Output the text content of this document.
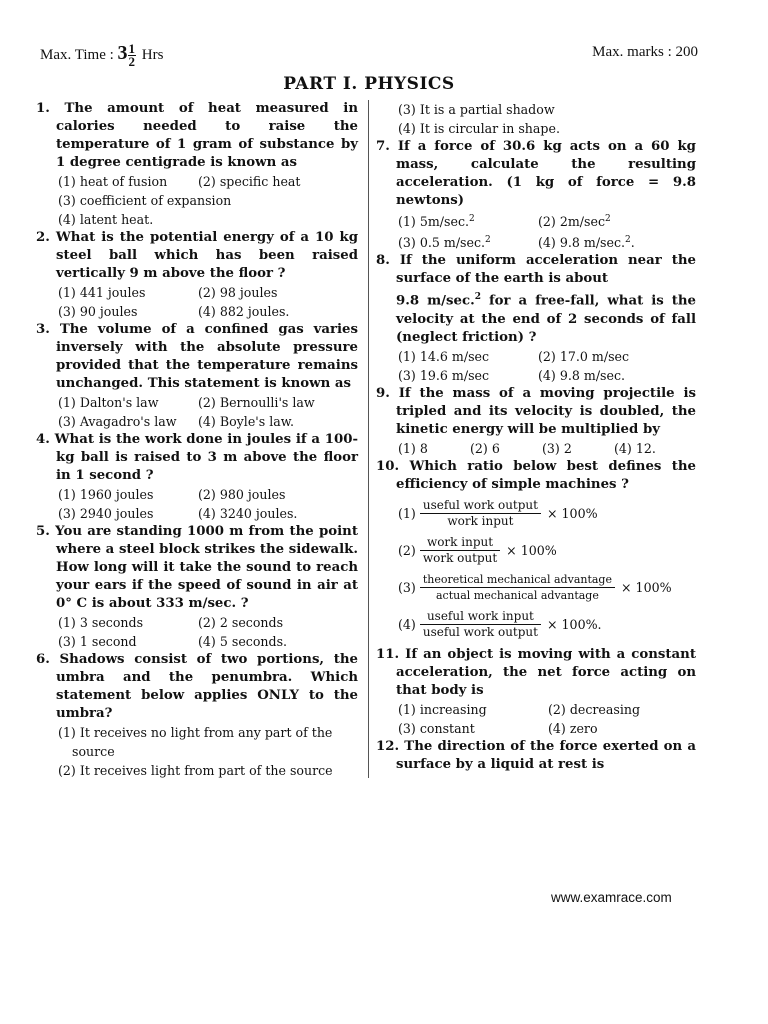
Max. Time : $3 \frac{1}{2}$ Hrs	Max. marks : 200
PART I. PHYSICS
1. The amount of heat measured in calories needed to raise the temperature of 1 gram of substance by 1 degree centigrade is known as
(1) heat of fusion	(2) specific heat
(3) coefficient of expansion
(4) latent heat.
2. What is the potential energy of a 10 kg steel ball which has been raised vertically 9 m above the floor ?
(1) 441 joules	(2) 98 joules
(3) 90 joules	(4) 882 joules.
3. The volume of a confined gas varies inversely with the absolute pressure provided that the temperature remains unchanged. This statement is known as
(1) Dalton's law	(2) Bernoulli's law
(3) Avagadro's law	(4) Boyle's law.
4. What is the work done in joules if a 100-kg ball is raised to 3 m above the floor in 1 second ?
(1) 1960 joules	(2) 980 joules
(3) 2940 joules	(4) 3240 joules.
5. You are standing 1000 m from the point where a steel block strikes the sidewalk. How long will it take the sound to reach your ears if the speed of sound in air at 0° C is about 333 m/sec. ?
(1) 3 seconds	(2) 2 seconds
(3) 1 second	(4) 5 seconds.
6. Shadows consist of two portions, the umbra and the penumbra. Which statement below applies ONLY to the umbra?
(1) It receives no light from any part of the source
(2) It receives light from part of the source
(3) It is a partial shadow
(4) It is circular in shape.
7. If a force of 30.6 kg acts on a 60 kg mass, calculate the resulting acceleration. (1 kg of force = 9.8 newtons)
(1) 5m/sec.$^2$	(2) $2m/\sec^2$
(3) 0.5 m/sec.$^2$	(4) 9.8 m/sec.$^2$.
8. If the uniform acceleration near the surface of the earth is about
9.8 m/sec.$^2$ for a free-fall, what is the velocity at the end of 2 seconds of fall (neglect friction) ?
(1) 14.6 m/sec	(2) 17.0 m/sec
(3) 19.6 m/sec	(4) 9.8 m/sec.
9. If the mass of a moving projectile is tripled and its velocity is doubled, the kinetic energy will be multiplied by
(1) 8	(2) 6	(3) 2	(4) 12.
10. Which ratio below best defines the efficiency of simple machines ?
(1)
useful work output
work input	× 100%
(2)
work input
work output × 100%
(3)
theoretical mechanical advantage
actual mechanical advantage
× 100%
(4)
useful work input
useful work output × 100%.
11. If an object is moving with a constant acceleration, the net force acting on that body is
(1) increasing	(2) decreasing
(3) constant	(4) zero
12. The direction of the force exerted on a surface by a liquid at rest is
www.examrace.com
